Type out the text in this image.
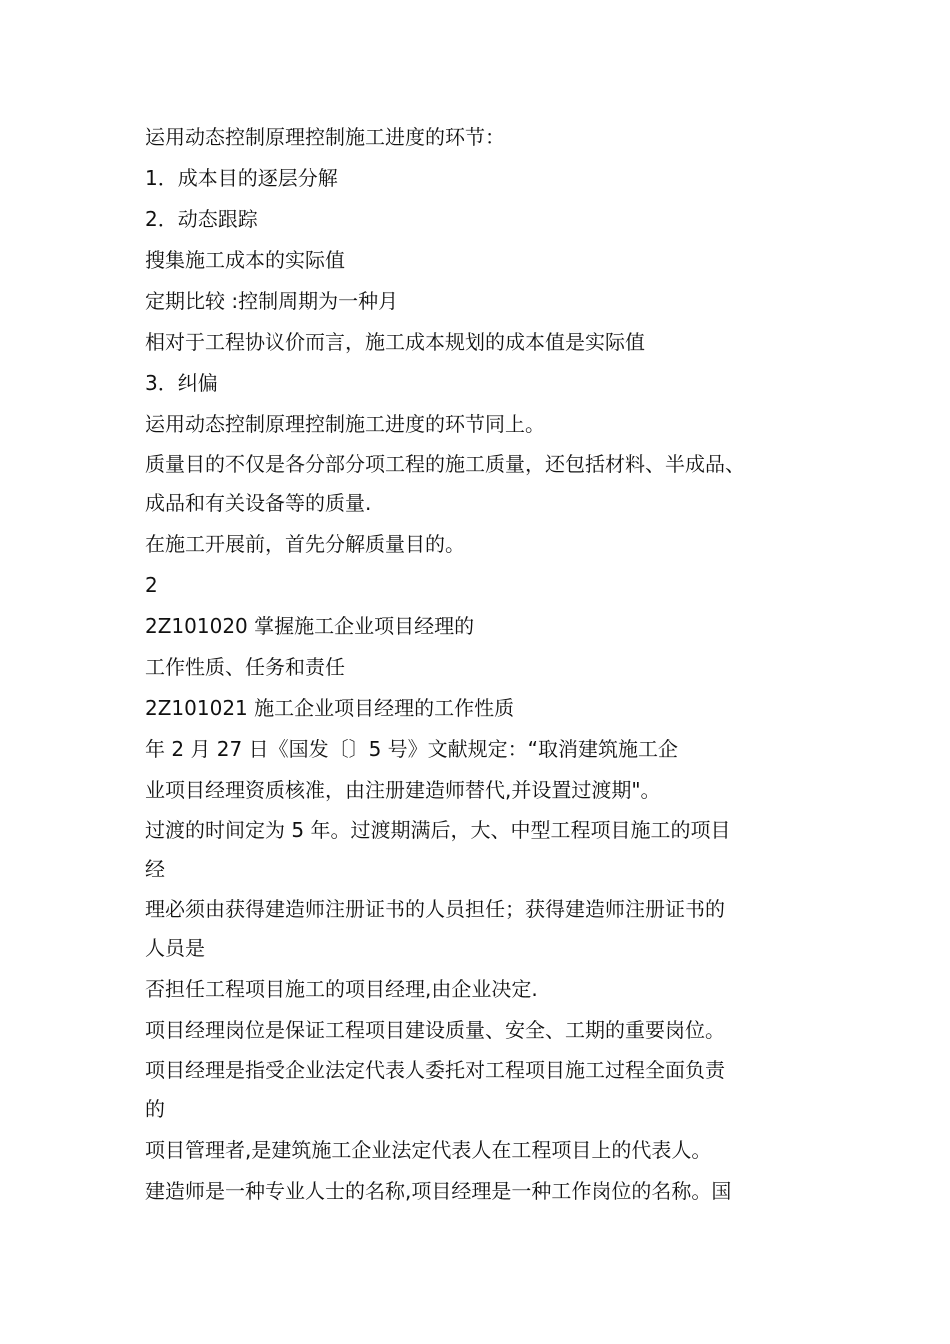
运用动态控制原理控制施工进度的环节：
1．成本目的逐层分解
2．动态跟踪
搜集施工成本的实际值
定期比较 :控制周期为一种月
相对于工程协议价而言，施工成本规划的成本值是实际值
3．纠偏
运用动态控制原理控制施工进度的环节同上。
质量目的不仅是各分部分项工程的施工质量，还包括材料、半成品、
成品和有关设备等的质量.
在施工开展前，首先分解质量目的。
2
2Z101020 掌握施工企业项目经理的
工作性质、任务和责任
2Z101021 施工企业项目经理的工作性质
年 2 月 27 日《国发〔〕5 号》文献规定：“取消建筑施工企
业项目经理资质核准，由注册建造师替代,并设置过渡期"。
过渡的时间定为 5 年。过渡期满后，大、中型工程项目施工的项目
经
理必须由获得建造师注册证书的人员担任；获得建造师注册证书的
人员是
否担任工程项目施工的项目经理,由企业决定.
项目经理岗位是保证工程项目建设质量、安全、工期的重要岗位。
项目经理是指受企业法定代表人委托对工程项目施工过程全面负责
的
项目管理者,是建筑施工企业法定代表人在工程项目上的代表人。
建造师是一种专业人士的名称,项目经理是一种工作岗位的名称。国
